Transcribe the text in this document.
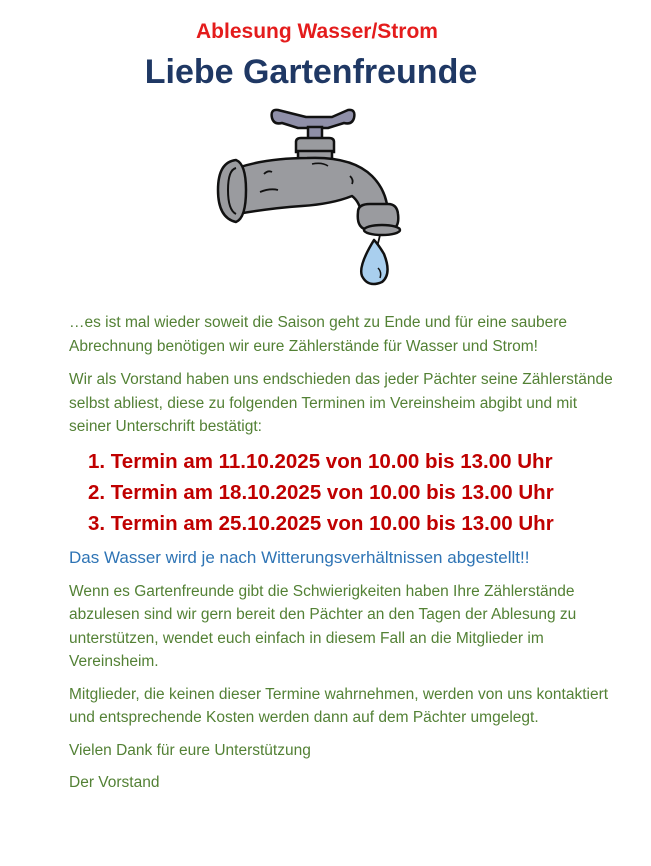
Ablesung Wasser/Strom
Liebe Gartenfreunde

…es ist mal wieder soweit die Saison geht zu Ende und für eine saubere Abrechnung benötigen wir eure Zählerstände für Wasser und Strom!

Wir als Vorstand haben uns endschieden das jeder Pächter seine Zählerstände selbst abliest, diese zu folgenden Terminen im Vereinsheim abgibt und mit seiner Unterschrift bestätigt:

1. Termin am 11.10.2025 von 10.00 bis 13.00 Uhr
2. Termin am 18.10.2025 von 10.00 bis 13.00 Uhr
3. Termin am 25.10.2025 von 10.00 bis 13.00 Uhr

Das Wasser wird je nach Witterungsverhältnissen abgestellt!!

Wenn es Gartenfreunde gibt die Schwierigkeiten haben Ihre Zählerstände abzulesen sind wir gern bereit den Pächter an den Tagen der Ablesung zu unterstützen, wendet euch einfach in diesem Fall an die Mitglieder im Vereinsheim.

Mitglieder, die keinen dieser Termine wahrnehmen, werden von uns kontaktiert und entsprechende Kosten werden dann auf dem Pächter umgelegt.

Vielen Dank für eure Unterstützung

Der Vorstand
